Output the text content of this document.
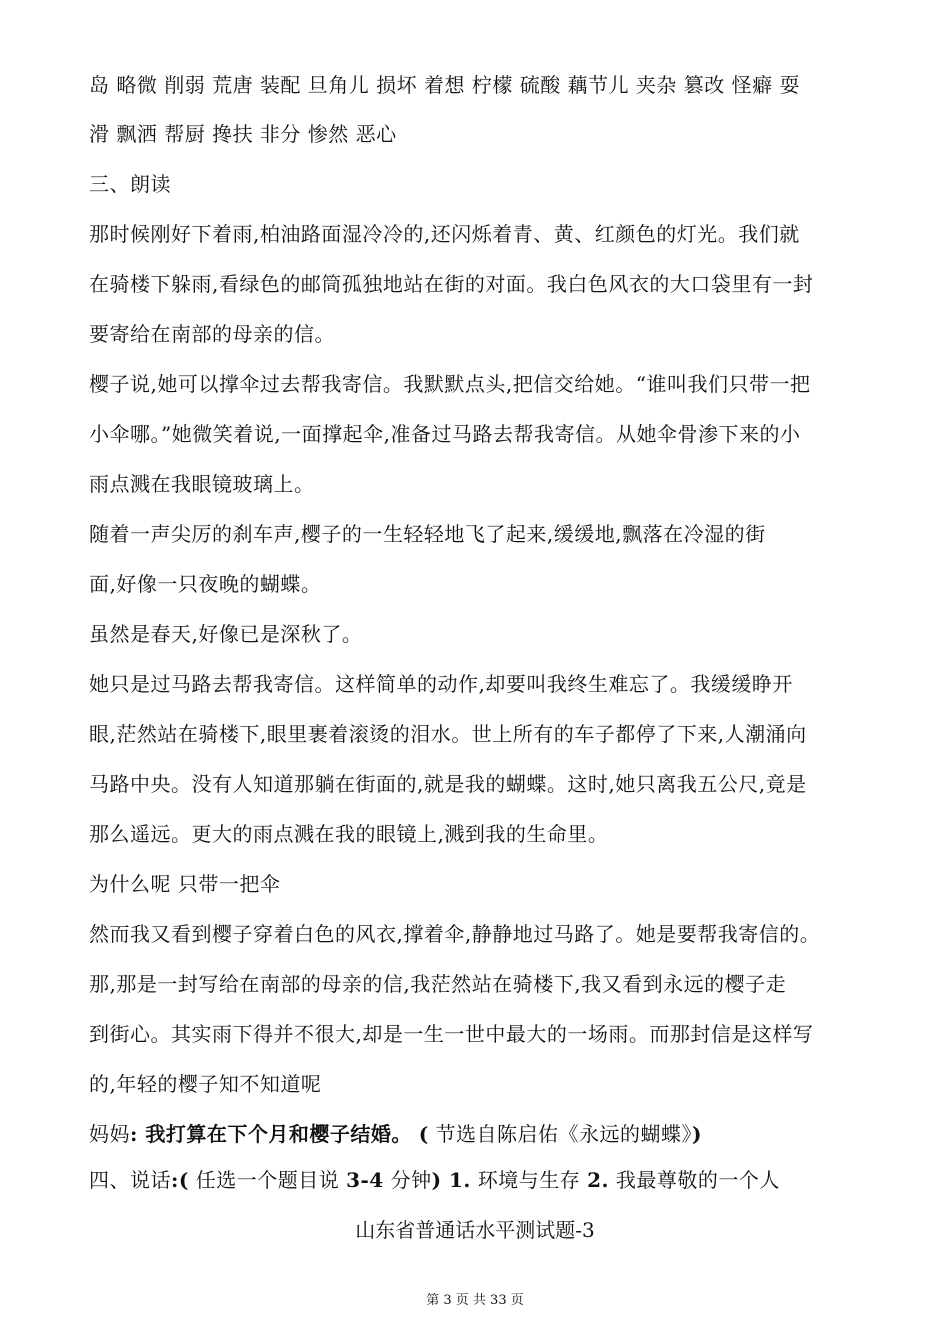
岛 略微 削弱 荒唐 装配 旦角儿 损坏 着想 柠檬 硫酸 藕节儿 夹杂 篡改 怪癖 耍
滑 飘洒 帮厨 搀扶 非分 惨然 恶心
三、朗读
那时候刚好下着雨,柏油路面湿冷冷的,还闪烁着青、黄、红颜色的灯光。我们就
在骑楼下躲雨,看绿色的邮筒孤独地站在街的对面。我白色风衣的大口袋里有一封
要寄给在南部的母亲的信。
樱子说,她可以撑伞过去帮我寄信。我默默点头,把信交给她。“谁叫我们只带一把
小伞哪。”她微笑着说,一面撑起伞,准备过马路去帮我寄信。从她伞骨渗下来的小
雨点溅在我眼镜玻璃上。
随着一声尖厉的刹车声,樱子的一生轻轻地飞了起来,缓缓地,飘落在冷湿的街
面,好像一只夜晚的蝴蝶。
虽然是春天,好像已是深秋了。
她只是过马路去帮我寄信。这样简单的动作,却要叫我终生难忘了。我缓缓睁开
眼,茫然站在骑楼下,眼里裹着滚烫的泪水。世上所有的车子都停了下来,人潮涌向
马路中央。没有人知道那躺在街面的,就是我的蝴蝶。这时,她只离我五公尺,竟是
那么遥远。更大的雨点溅在我的眼镜上,溅到我的生命里。
为什么呢 只带一把伞
然而我又看到樱子穿着白色的风衣,撑着伞,静静地过马路了。她是要帮我寄信的。
那,那是一封写给在南部的母亲的信,我茫然站在骑楼下,我又看到永远的樱子走
到街心。其实雨下得并不很大,却是一生一世中最大的一场雨。而那封信是这样写
的,年轻的樱子知不知道呢
妈妈: 我打算在下个月和樱子结婚。 ( 节选自陈启佑《永远的蝴蝶》)
四、说话:( 任选一个题目说 3-4 分钟) 1. 环境与生存 2. 我最尊敬的一个人
山东省普通话水平测试题-3
第 3 页 共 33 页
